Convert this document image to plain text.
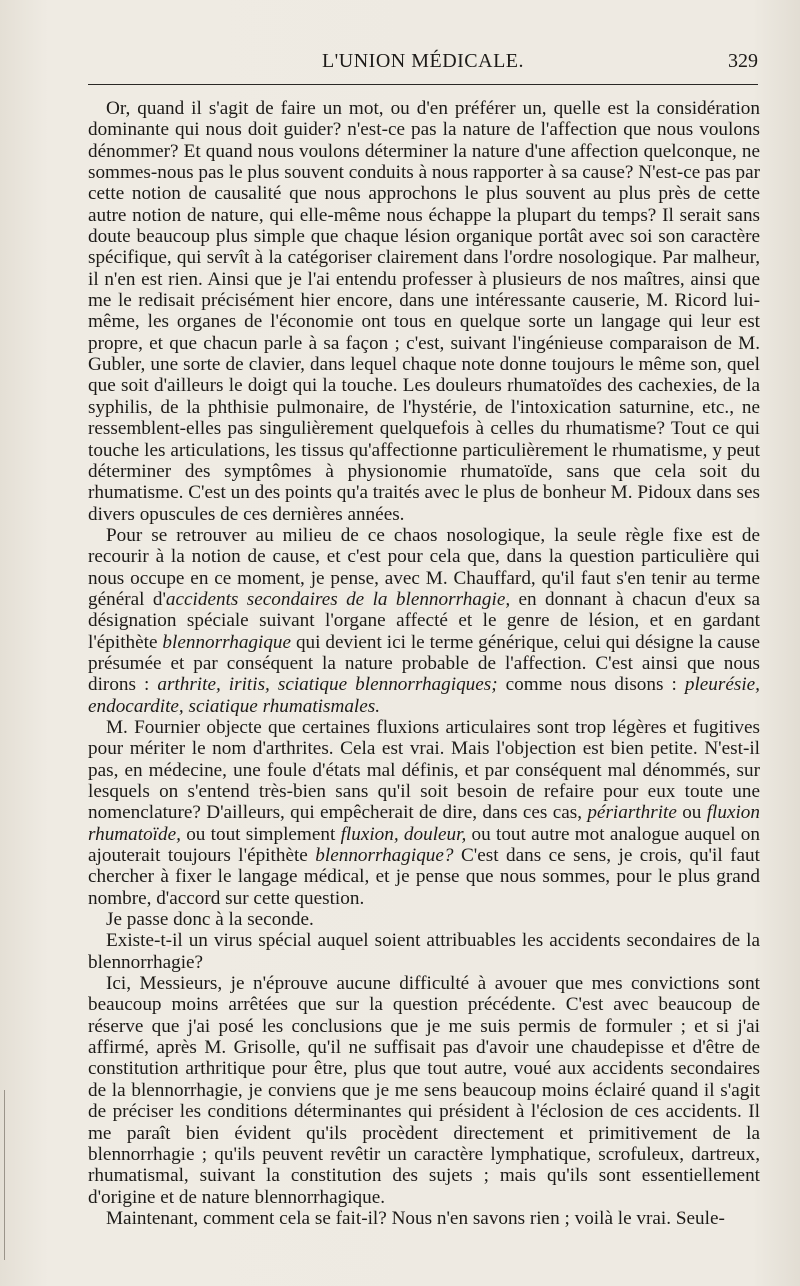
L'UNION MÉDICALE.	329

Or, quand il s'agit de faire un mot, ou d'en préférer un, quelle est la considération dominante qui nous doit guider? n'est-ce pas la nature de l'affection que nous voulons dénommer? Et quand nous voulons déterminer la nature d'une affection quelconque, ne sommes-nous pas le plus souvent conduits à nous rapporter à sa cause? N'est-ce pas par cette notion de causalité que nous approchons le plus souvent au plus près de cette autre notion de nature, qui elle-même nous échappe la plupart du temps? Il serait sans doute beaucoup plus simple que chaque lésion organique portât avec soi son caractère spécifique, qui servît à la catégoriser clairement dans l'ordre nosologique. Par malheur, il n'en est rien. Ainsi que je l'ai entendu professer à plusieurs de nos maîtres, ainsi que me le redisait précisément hier encore, dans une intéressante causerie, M. Ricord lui-même, les organes de l'économie ont tous en quelque sorte un langage qui leur est propre, et que chacun parle à sa façon ; c'est, suivant l'ingénieuse comparaison de M. Gubler, une sorte de clavier, dans lequel chaque note donne toujours le même son, quel que soit d'ailleurs le doigt qui la touche. Les douleurs rhumatoïdes des cachexies, de la syphilis, de la phthisie pulmonaire, de l'hystérie, de l'intoxication saturnine, etc., ne ressemblent-elles pas singulièrement quelquefois à celles du rhumatisme? Tout ce qui touche les articulations, les tissus qu'affectionne particulièrement le rhumatisme, y peut déterminer des symptômes à physionomie rhumatoïde, sans que cela soit du rhumatisme. C'est un des points qu'a traités avec le plus de bonheur M. Pidoux dans ses divers opuscules de ces dernières années.

Pour se retrouver au milieu de ce chaos nosologique, la seule règle fixe est de recourir à la notion de cause, et c'est pour cela que, dans la question particulière qui nous occupe en ce moment, je pense, avec M. Chauffard, qu'il faut s'en tenir au terme général d'accidents secondaires de la blennorrhagie, en donnant à chacun d'eux sa désignation spéciale suivant l'organe affecté et le genre de lésion, et en gardant l'épithète blennorrhagique qui devient ici le terme générique, celui qui désigne la cause présumée et par conséquent la nature probable de l'affection. C'est ainsi que nous dirons : arthrite, iritis, sciatique blennorrhagiques; comme nous disons : pleurésie, endocardite, sciatique rhumatismales.

M. Fournier objecte que certaines fluxions articulaires sont trop légères et fugitives pour mériter le nom d'arthrites. Cela est vrai. Mais l'objection est bien petite. N'est-il pas, en médecine, une foule d'états mal définis, et par conséquent mal dénommés, sur lesquels on s'entend très-bien sans qu'il soit besoin de refaire pour eux toute une nomenclature? D'ailleurs, qui empêcherait de dire, dans ces cas, périarthrite ou fluxion rhumatoïde, ou tout simplement fluxion, douleur, ou tout autre mot analogue auquel on ajouterait toujours l'épithète blennorrhagique? C'est dans ce sens, je crois, qu'il faut chercher à fixer le langage médical, et je pense que nous sommes, pour le plus grand nombre, d'accord sur cette question.

Je passe donc à la seconde.

Existe-t-il un virus spécial auquel soient attribuables les accidents secondaires de la blennorrhagie?

Ici, Messieurs, je n'éprouve aucune difficulté à avouer que mes convictions sont beaucoup moins arrêtées que sur la question précédente. C'est avec beaucoup de réserve que j'ai posé les conclusions que je me suis permis de formuler ; et si j'ai affirmé, après M. Grisolle, qu'il ne suffisait pas d'avoir une chaudepisse et d'être de constitution arthritique pour être, plus que tout autre, voué aux accidents secondaires de la blennorrhagie, je conviens que je me sens beaucoup moins éclairé quand il s'agit de préciser les conditions déterminantes qui président à l'éclosion de ces accidents. Il me paraît bien évident qu'ils procèdent directement et primitivement de la blennorrhagie ; qu'ils peuvent revêtir un caractère lymphatique, scrofuleux, dartreux, rhumatismal, suivant la constitution des sujets ; mais qu'ils sont essentiellement d'origine et de nature blennorrhagique.

Maintenant, comment cela se fait-il? Nous n'en savons rien ; voilà le vrai. Seule-
